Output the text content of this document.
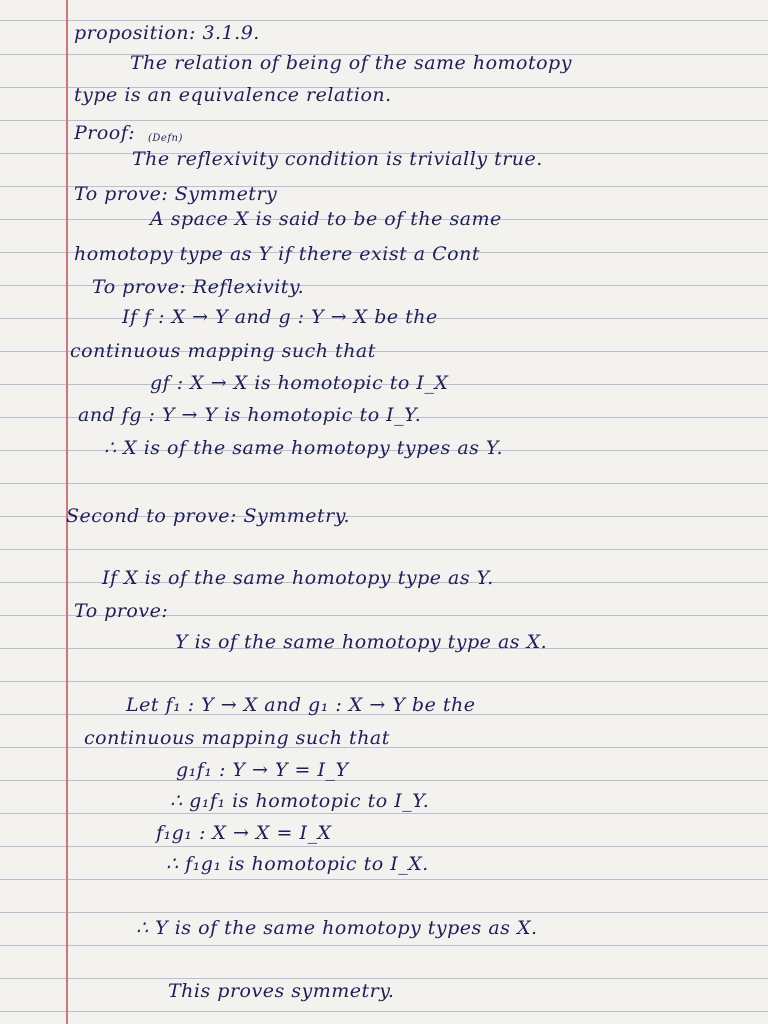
proposition: 3.1.9.
The relation of being of the same homotopy
type is an equivalence relation.
Proof: (Defn)
The reflexivity condition is trivially true.
To prove: Symmetry
A space X is said to be of the same
homotopy type as Y if there exist a Cont
To prove: Reflexivity.
If f : X → Y and g : Y → X be the
continuous mapping such that
gf : X → X is homotopic to I_X
and fg : Y → Y is homotopic to I_Y.
∴ X is of the same homotopy types as Y.
Second to prove: Symmetry.
If X is of the same homotopy type as Y.
To prove:
Y is of the same homotopy type as X.
Let f₁ : Y → X and g₁ : X → Y be the
continuous mapping such that
g₁f₁ : Y → Y = I_Y
∴ g₁f₁ is homotopic to I_Y.
f₁g₁ : X → X = I_X
∴ f₁g₁ is homotopic to I_X.
∴ Y is of the same homotopy types as X.
This proves symmetry.
